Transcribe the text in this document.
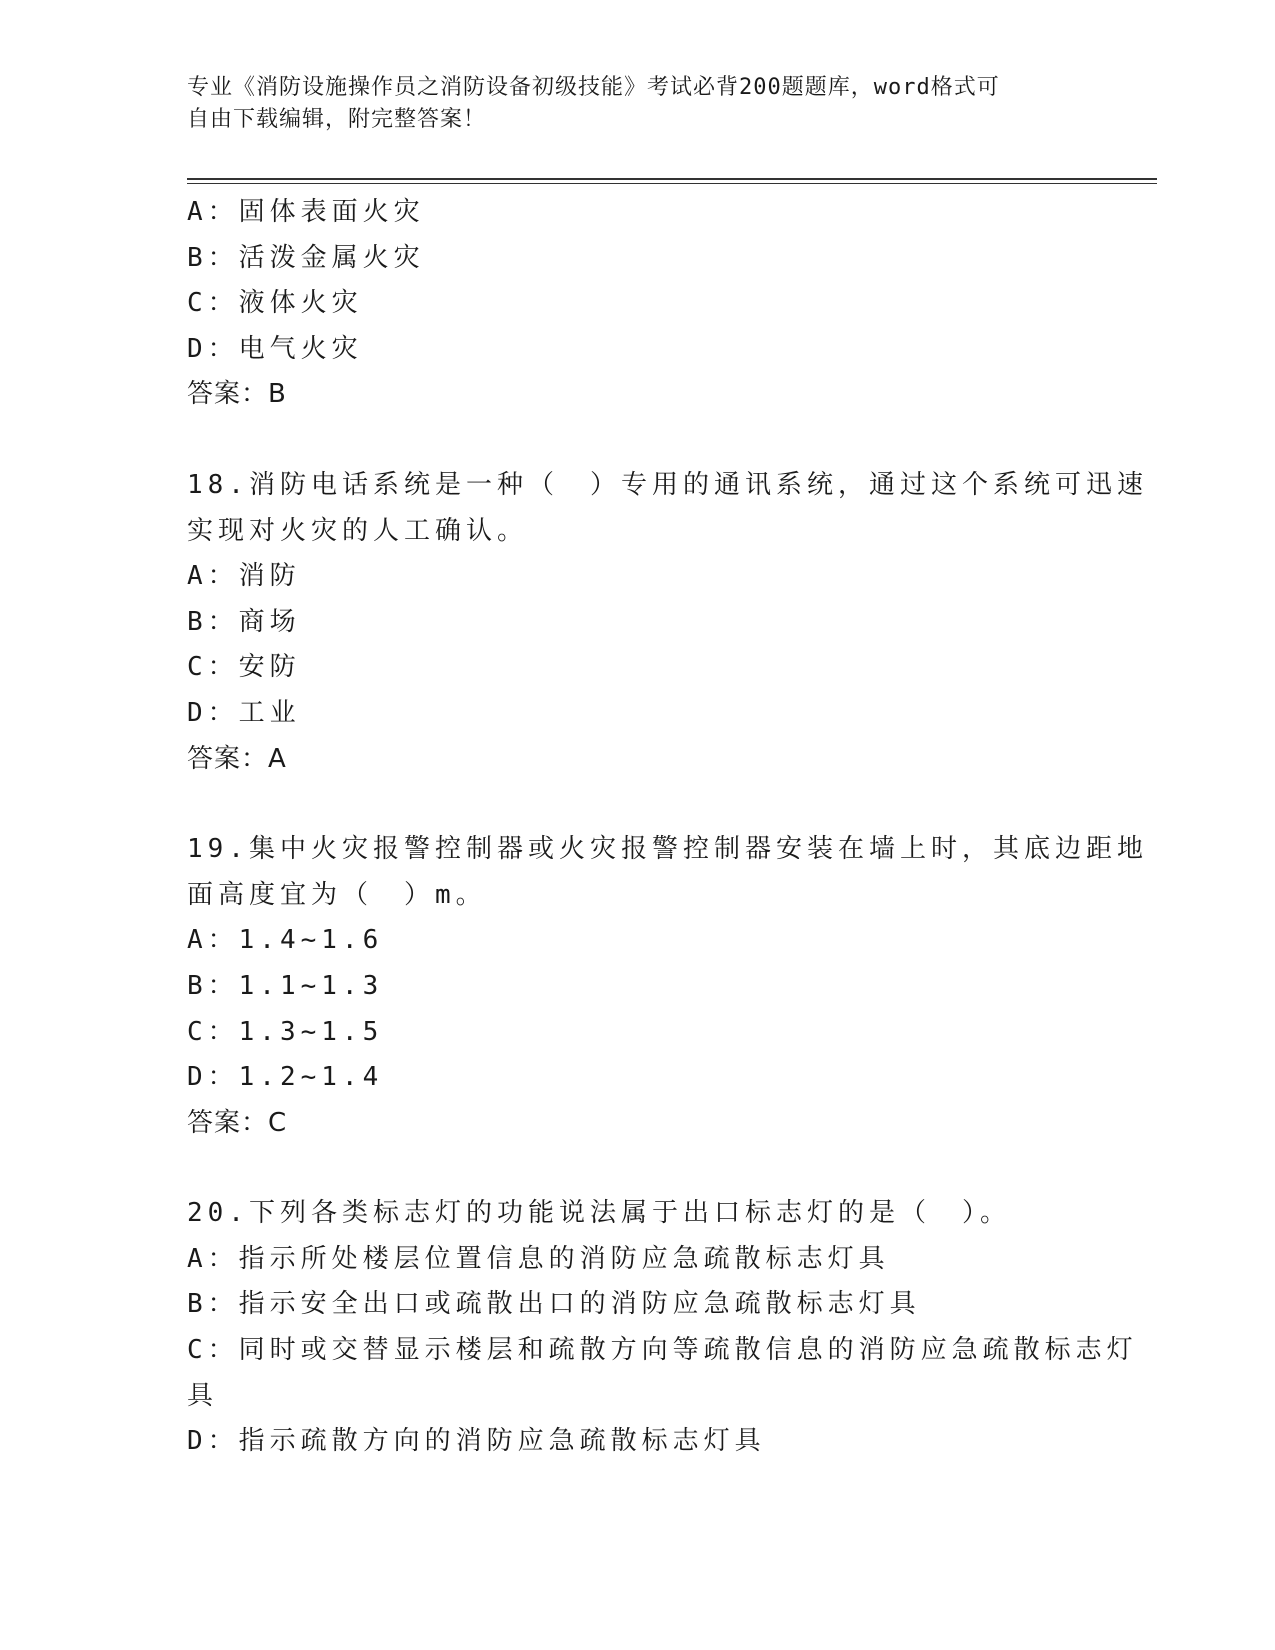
专业《消防设施操作员之消防设备初级技能》考试必背200题题库，word格式可
自由下载编辑，附完整答案！
A：固体表面火灾
B：活泼金属火灾
C：液体火灾
D：电气火灾
答案：B
18.消防电话系统是一种（　）专用的通讯系统，通过这个系统可迅速
实现对火灾的人工确认。
A：消防
B：商场
C：安防
D：工业
答案：A
19.集中火灾报警控制器或火灾报警控制器安装在墙上时，其底边距地
面高度宜为（　）m。
A：1.4~1.6
B：1.1~1.3
C：1.3~1.5
D：1.2~1.4
答案：C
20.下列各类标志灯的功能说法属于出口标志灯的是（　）。
A：指示所处楼层位置信息的消防应急疏散标志灯具
B：指示安全出口或疏散出口的消防应急疏散标志灯具
C：同时或交替显示楼层和疏散方向等疏散信息的消防应急疏散标志灯
具
D：指示疏散方向的消防应急疏散标志灯具
